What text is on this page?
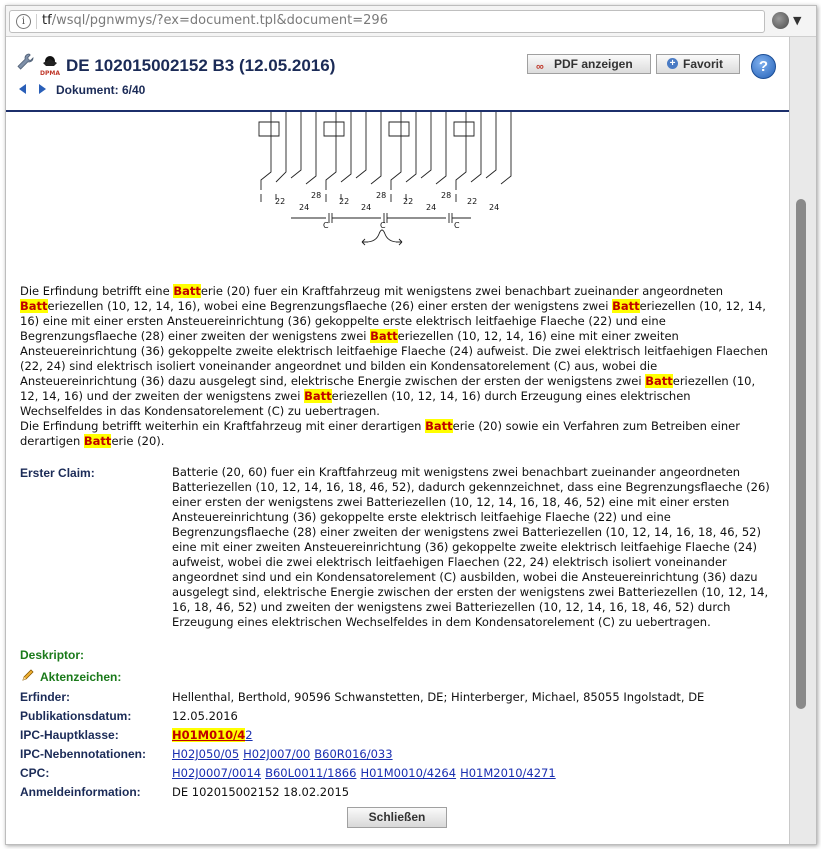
i	tf/wsql/pgnwmys/?ex=document.tpl&document=296	▼
DPMA DE 102015002152 B3 (12.05.2016)
Dokument: 6/40
∞ PDF anzeigen	+ Favorit	?
22
24
28
22
24
28
22
24
28
22
24
C	C	C

Die Erfindung betrifft eine Batterie (20) fuer ein Kraftfahrzeug mit wenigstens zwei benachbart zueinander angeordneten Batteriezellen (10, 12, 14, 16), wobei eine Begrenzungsflaeche (26) einer ersten der wenigstens zwei Batteriezellen (10, 12, 14, 16) eine mit einer ersten Ansteuereinrichtung (36) gekoppelte erste elektrisch leitfaehige Flaeche (22) und eine Begrenzungsflaeche (28) einer zweiten der wenigstens zwei Batteriezellen (10, 12, 14, 16) eine mit einer zweiten Ansteuereinrichtung (36) gekoppelte zweite elektrisch leitfaehige Flaeche (24) aufweist. Die zwei elektrisch leitfaehigen Flaechen (22, 24) sind elektrisch isoliert voneinander angeordnet und bilden ein Kondensatorelement (C) aus, wobei die Ansteuereinrichtung (36) dazu ausgelegt sind, elektrische Energie zwischen der ersten der wenigstens zwei Batteriezellen (10, 12, 14, 16) und der zweiten der wenigstens zwei Batteriezellen (10, 12, 14, 16) durch Erzeugung eines elektrischen Wechselfeldes in das Kondensatorelement (C) zu uebertragen.

Die Erfindung betrifft weiterhin ein Kraftfahrzeug mit einer derartigen Batterie (20) sowie ein Verfahren zum Betreiben einer derartigen Batterie (20).

Erster Claim:	Batterie (20, 60) fuer ein Kraftfahrzeug mit wenigstens zwei benachbart zueinander angeordneten Batteriezellen (10, 12, 14, 16, 18, 46, 52), dadurch gekennzeichnet, dass eine Begrenzungsflaeche (26) einer ersten der wenigstens zwei Batteriezellen (10, 12, 14, 16, 18, 46, 52) eine mit einer ersten Ansteuereinrichtung (36) gekoppelte erste elektrisch leitfaehige Flaeche (22) und eine Begrenzungsflaeche (28) einer zweiten der wenigstens zwei Batteriezellen (10, 12, 14, 16, 18, 46, 52) eine mit einer zweiten Ansteuereinrichtung (36) gekoppelte zweite elektrisch leitfaehige Flaeche (24) aufweist, wobei die zwei elektrisch leitfaehigen Flaechen (22, 24) elektrisch isoliert voneinander angeordnet sind und ein Kondensatorelement (C) ausbilden, wobei die Ansteuereinrichtung (36) dazu ausgelegt sind, elektrische Energie zwischen der ersten der wenigstens zwei Batteriezellen (10, 12, 14, 16, 18, 46, 52) und zweiten der wenigstens zwei Batteriezellen (10, 12, 14, 16, 18, 46, 52) durch Erzeugung eines elektrischen Wechselfeldes in dem Kondensatorelement (C) zu uebertragen.
Deskriptor:
Aktenzeichen:
Erfinder:	Hellenthal, Berthold, 90596 Schwanstetten, DE; Hinterberger, Michael, 85055 Ingolstadt, DE
Publikationsdatum:	12.05.2016
IPC-Hauptklasse:	H01M010/42
IPC-Nebennotationen: H02J050/05 H02J007/00 B60R016/033
CPC:	H02J0007/0014 B60L0011/1866 H01M0010/4264 H01M2010/4271
Anmeldeinformation:	DE 102015002152 18.02.2015
Schließen
